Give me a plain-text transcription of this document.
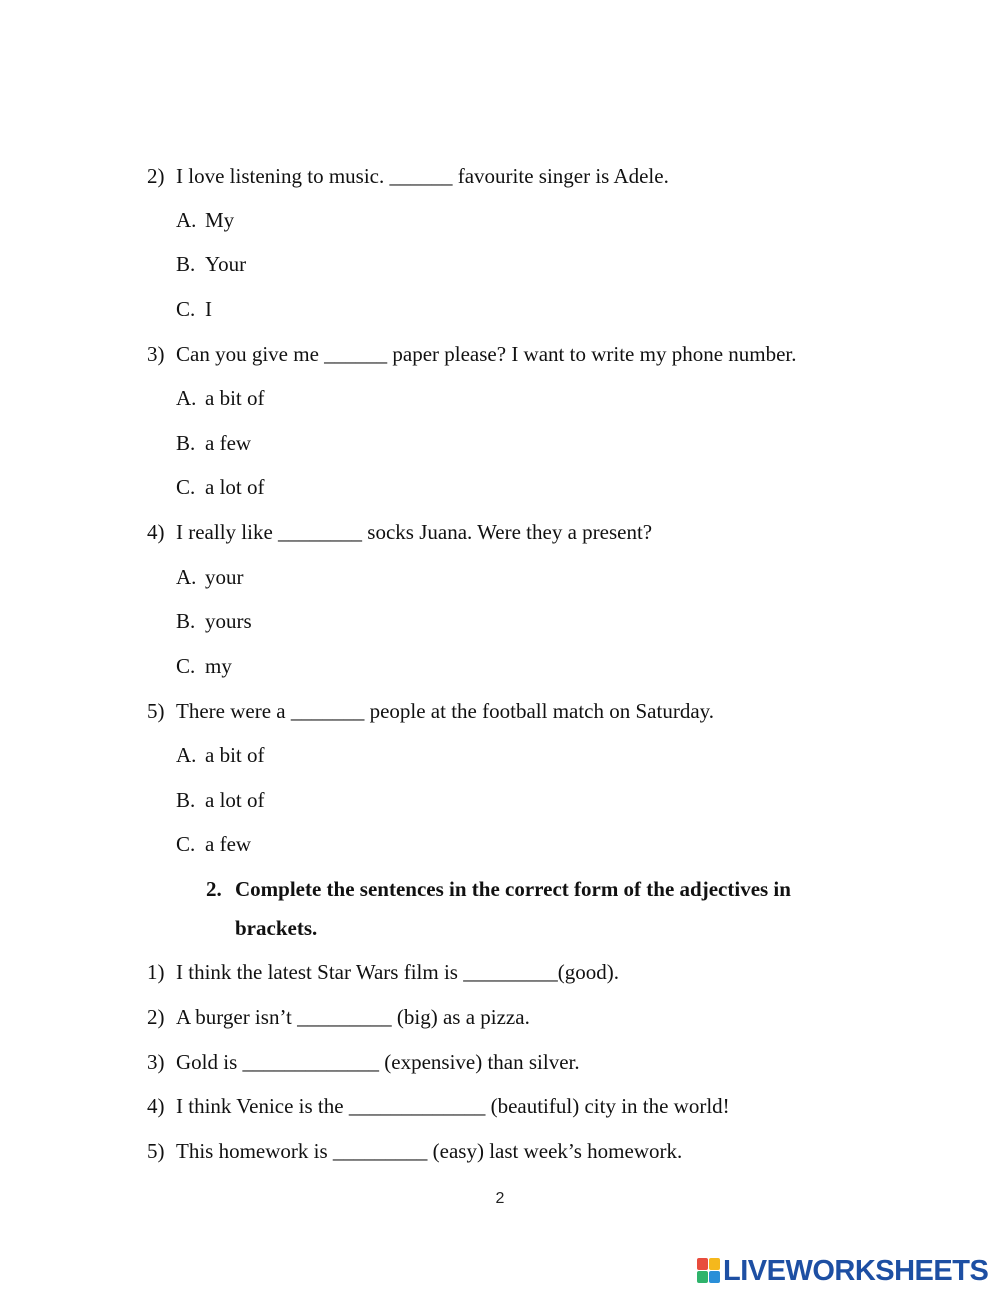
2) I love listening to music. ______ favourite singer is Adele.
A. My
B. Your
C. I
3) Can you give me ______ paper please? I want to write my phone number.
A. a bit of
B. a few
C. a lot of
4) I really like ________ socks Juana. Were they a present?
A. your
B. yours
C. my
5) There were a _______ people at the football match on Saturday.
A. a bit of
B. a lot of
C. a few
2. Complete the sentences in the correct form of the adjectives in
brackets.
1) I think the latest Star Wars film is _________(good).
2) A burger isn’t _________ (big) as a pizza.
3) Gold is _____________ (expensive) than silver.
4) I think Venice is the _____________ (beautiful) city in the world!
5) This homework is _________ (easy) last week’s homework.
2
LIVEWORKSHEETS
